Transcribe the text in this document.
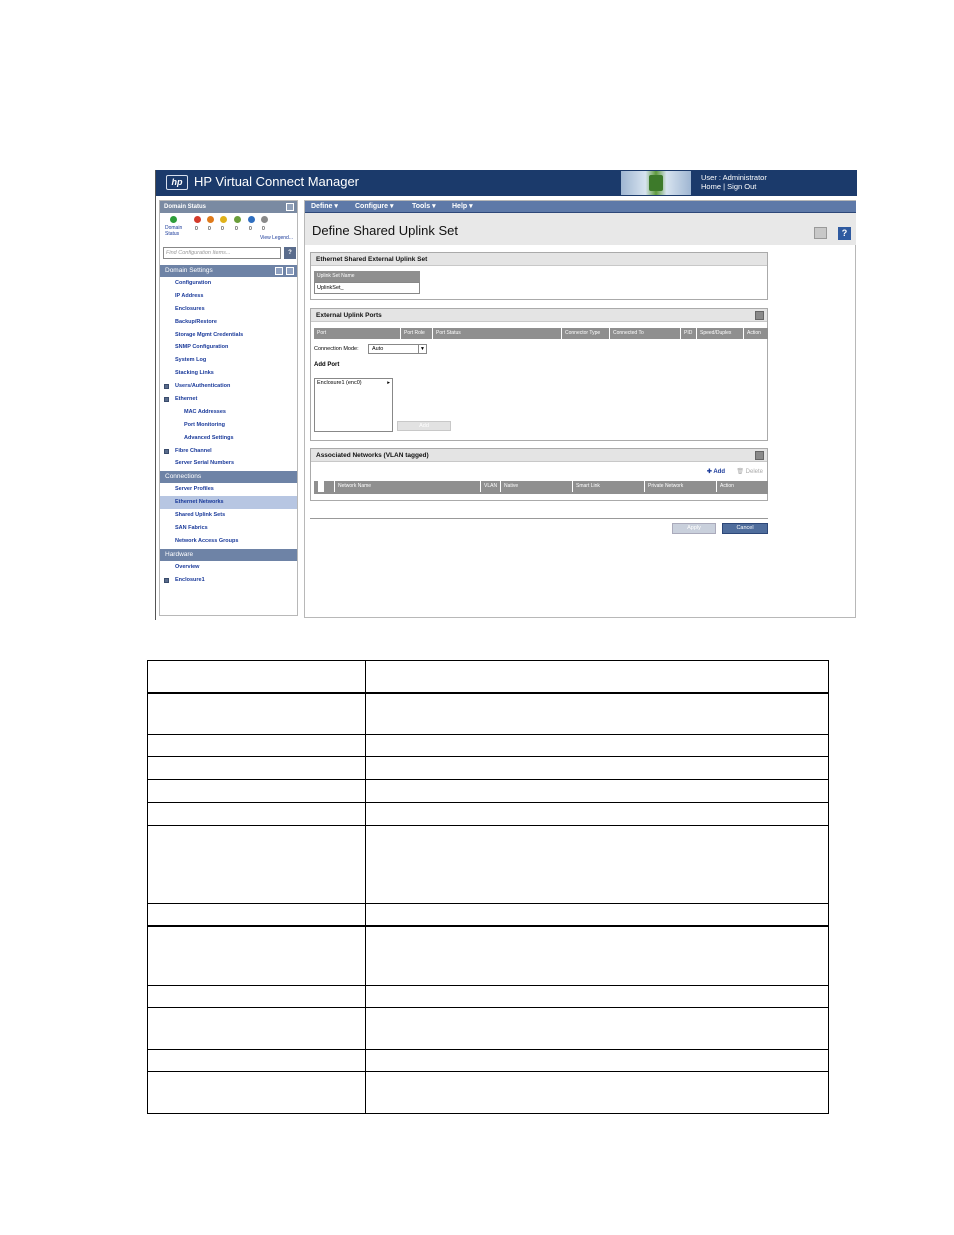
hp HP Virtual Connect Manager	User : Administrator
Home | Sign Out
Domain Status
Domain Status
0 0 0 0 0 0
View Legend...
Find Configuration Items...	?
Domain Settings
Configuration
IP Address
Enclosures
Backup/Restore
Storage Mgmt Credentials
SNMP Configuration
System Log
Stacking Links
Users/Authentication
Ethernet
MAC Addresses
Port Monitoring
Advanced Settings
Fibre Channel
Server Serial Numbers
Connections
Server Profiles
Ethernet Networks
Shared Uplink Sets
SAN Fabrics
Network Access Groups
Hardware
Overview
Enclosure1
Define ▾ Configure ▾	Tools ▾ Help ▾
Define Shared Uplink Set	?
Ethernet Shared External Uplink Set
Uplink Set Name
UplinkSet_
External Uplink Ports
Port	Port Role	Port Status	Connector Type	Connected To	PID	Speed/Duplex	Action
Connection Mode:	Auto	▼
Add Port
Enclosure1 (enc0)	▸
Add
Associated Networks (VLAN tagged)
✚ Add 🗑 Delete
Network Name	VLAN	Native	Smart Link	Private Network	Action
Apply	Cancel
